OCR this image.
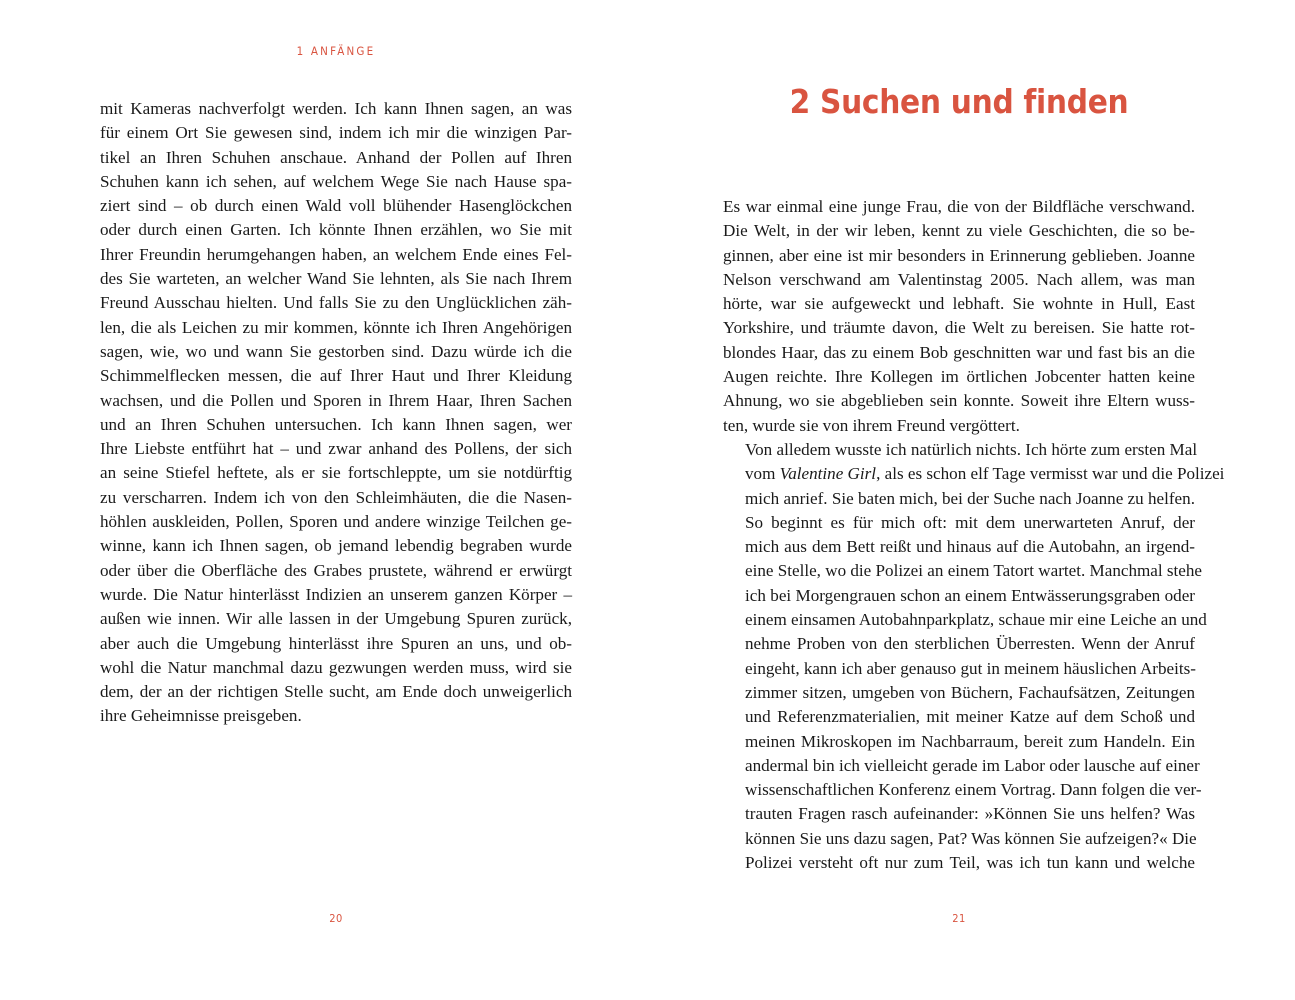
1 ANFÄNGE

mit Kameras nachverfolgt werden. Ich kann Ihnen sagen, an was
für einem Ort Sie gewesen sind, indem ich mir die winzigen Par-
tikel an Ihren Schuhen anschaue. Anhand der Pollen auf Ihren
Schuhen kann ich sehen, auf welchem Wege Sie nach Hause spa-
ziert sind – ob durch einen Wald voll blühender Hasenglöckchen
oder durch einen Garten. Ich könnte Ihnen erzählen, wo Sie mit
Ihrer Freundin herumgehangen haben, an welchem Ende eines Fel-
des Sie warteten, an welcher Wand Sie lehnten, als Sie nach Ihrem
Freund Ausschau hielten. Und falls Sie zu den Unglücklichen zäh-
len, die als Leichen zu mir kommen, könnte ich Ihren Angehörigen
sagen, wie, wo und wann Sie gestorben sind. Dazu würde ich die
Schimmelflecken messen, die auf Ihrer Haut und Ihrer Kleidung
wachsen, und die Pollen und Sporen in Ihrem Haar, Ihren Sachen
und an Ihren Schuhen untersuchen. Ich kann Ihnen sagen, wer
Ihre Liebste entführt hat – und zwar anhand des Pollens, der sich
an seine Stiefel heftete, als er sie fortschleppte, um sie notdürftig
zu verscharren. Indem ich von den Schleimhäuten, die die Nasen-
höhlen auskleiden, Pollen, Sporen und andere winzige Teilchen ge-
winne, kann ich Ihnen sagen, ob jemand lebendig begraben wurde
oder über die Oberfläche des Grabes prustete, während er erwürgt
wurde. Die Natur hinterlässt Indizien an unserem ganzen Körper –
außen wie innen. Wir alle lassen in der Umgebung Spuren zurück,
aber auch die Umgebung hinterlässt ihre Spuren an uns, und ob-
wohl die Natur manchmal dazu gezwungen werden muss, wird sie
dem, der an der richtigen Stelle sucht, am Ende doch unweigerlich
ihre Geheimnisse preisgeben.

20
2 Suchen und finden

Es war einmal eine junge Frau, die von der Bildfläche verschwand.
Die Welt, in der wir leben, kennt zu viele Geschichten, die so be-
ginnen, aber eine ist mir besonders in Erinnerung geblieben. Joanne
Nelson verschwand am Valentinstag 2005. Nach allem, was man
hörte, war sie aufgeweckt und lebhaft. Sie wohnte in Hull, East
Yorkshire, und träumte davon, die Welt zu bereisen. Sie hatte rot-
blondes Haar, das zu einem Bob geschnitten war und fast bis an die
Augen reichte. Ihre Kollegen im örtlichen Jobcenter hatten keine
Ahnung, wo sie abgeblieben sein konnte. Soweit ihre Eltern wuss-
ten, wurde sie von ihrem Freund vergöttert.

Von alledem wusste ich natürlich nichts. Ich hörte zum ersten Mal
vom Valentine Girl, als es schon elf Tage vermisst war und die Polizei
mich anrief. Sie baten mich, bei der Suche nach Joanne zu helfen.

So beginnt es für mich oft: mit dem unerwarteten Anruf, der
mich aus dem Bett reißt und hinaus auf die Autobahn, an irgend-
eine Stelle, wo die Polizei an einem Tatort wartet. Manchmal stehe
ich bei Morgengrauen schon an einem Entwässerungsgraben oder
einem einsamen Autobahnparkplatz, schaue mir eine Leiche an und
nehme Proben von den sterblichen Überresten. Wenn der Anruf
eingeht, kann ich aber genauso gut in meinem häuslichen Arbeits-
zimmer sitzen, umgeben von Büchern, Fachaufsätzen, Zeitungen
und Referenzmaterialien, mit meiner Katze auf dem Schoß und
meinen Mikroskopen im Nachbarraum, bereit zum Handeln. Ein
andermal bin ich vielleicht gerade im Labor oder lausche auf einer
wissenschaftlichen Konferenz einem Vortrag. Dann folgen die ver-
trauten Fragen rasch aufeinander: »Können Sie uns helfen? Was
können Sie uns dazu sagen, Pat? Was können Sie aufzeigen?« Die
Polizei versteht oft nur zum Teil, was ich tun kann und welche

21
